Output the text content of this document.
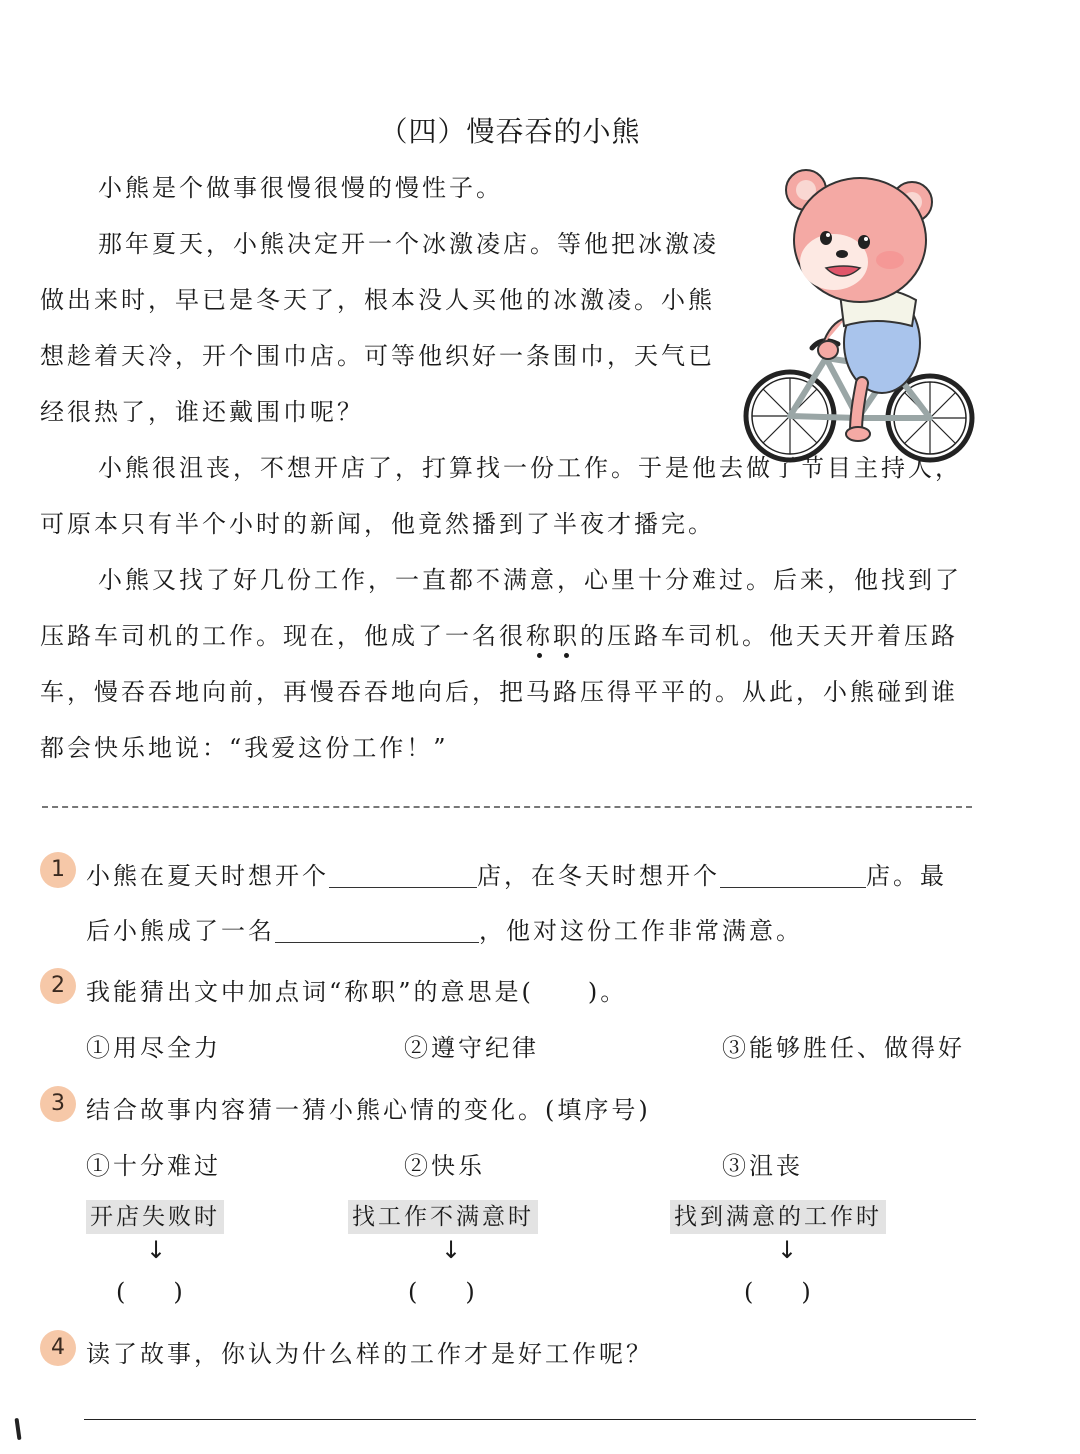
（四）慢吞吞的小熊

小熊是个做事很慢很慢的慢性子。

那年夏天，小熊决定开一个冰激凌店。等他把冰激凌做出来时，早已是冬天了，根本没人买他的冰激凌。小熊想趁着天冷，开个围巾店。可等他织好一条围巾，天气已经很热了，谁还戴围巾呢？

小熊很沮丧，不想开店了，打算找一份工作。于是他去做了节目主持人，可原本只有半个小时的新闻，他竟然播到了半夜才播完。

小熊又找了好几份工作，一直都不满意，心里十分难过。后来，他找到了压路车司机的工作。现在，他成了一名很称职的压路车司机。他天天开着压路车，慢吞吞地向前，再慢吞吞地向后，把马路压得平平的。从此，小熊碰到谁都会快乐地说：“我爱这份工作！”

1 小熊在夏天时想开个	店，在冬天时想开个	店。最
后小熊成了一名	，他对这份工作非常满意。
2 我能猜出文中加点词“称职”的意思是(　　)。
①用尽全力	②遵守纪律	③能够胜任、做得好
3 结合故事内容猜一猜小熊心情的变化。(填序号)
①十分难过	②快乐	③沮丧
开店失败时	找工作不满意时	找到满意的工作时
↓	↓	↓
(　　)	(　　)	(　　)
4 读了故事，你认为什么样的工作才是好工作呢？
